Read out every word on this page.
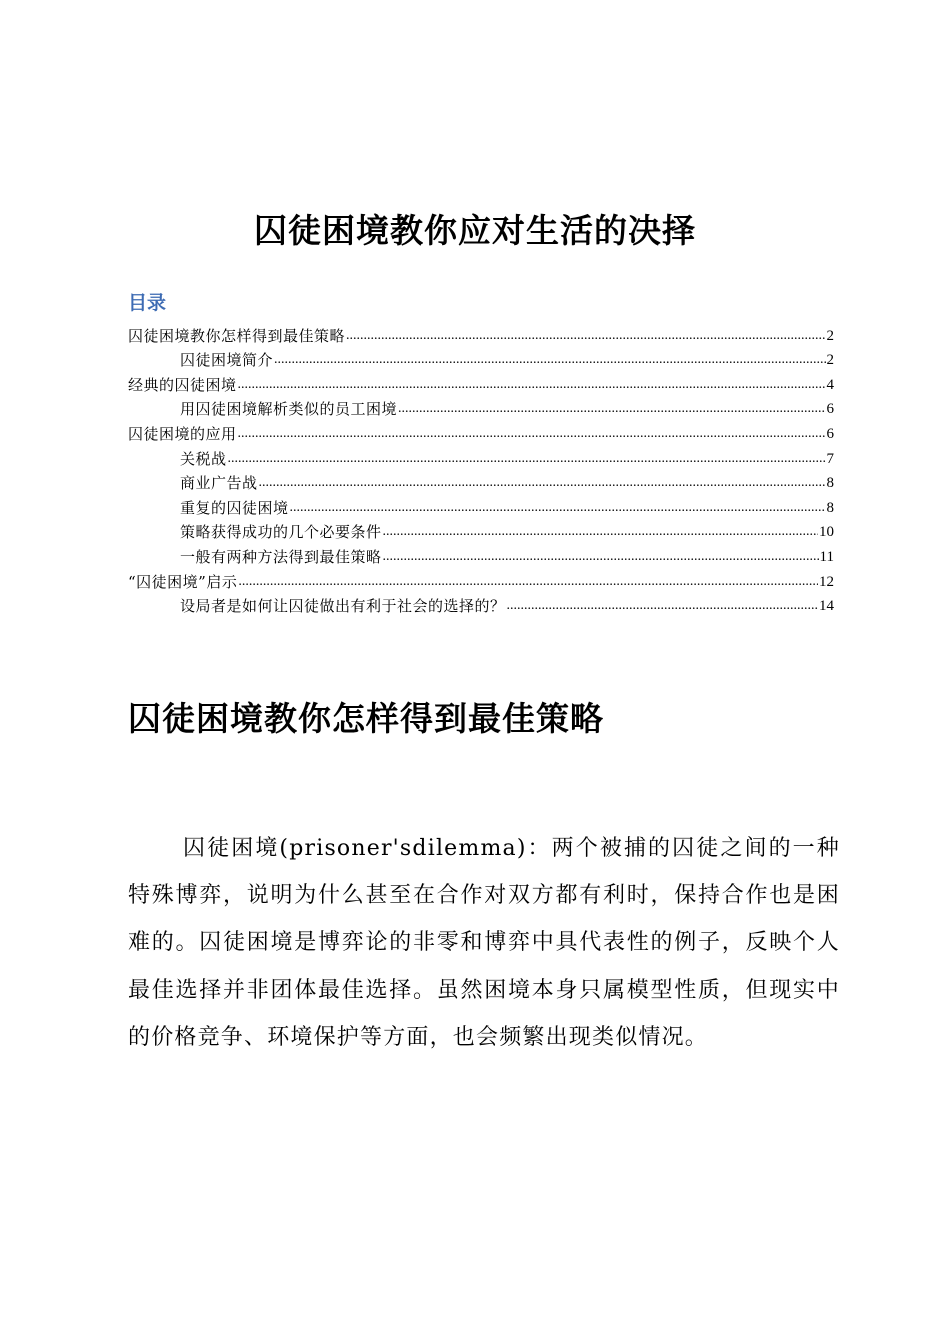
囚徒困境教你应对生活的决择
目录
囚徒困境教你怎样得到最佳策略 .....	2
囚徒困境简介 .....	2
经典的囚徒困境 .....	4
用囚徒困境解析类似的员工困境 .....	6
囚徒困境的应用 .....	6
关税战 .....	7
商业广告战 .....	8
重复的囚徒困境 .....	8
策略获得成功的几个必要条件 .....	10
一般有两种方法得到最佳策略 .....	11
“囚徒困境”启示 .....	12
设局者是如何让囚徒做出有利于社会的选择的？ .....	14
囚徒困境教你怎样得到最佳策略

囚徒困境(prisoner'sdilemma)：两个被捕的囚徒之间的一种特殊博弈，说明为什么甚至在合作对双方都有利时，保持合作也是困难的。囚徒困境是博弈论的非零和博弈中具代表性的例子，反映个人最佳选择并非团体最佳选择。虽然困境本身只属模型性质，但现实中的价格竞争、环境保护等方面，也会频繁出现类似情况。
